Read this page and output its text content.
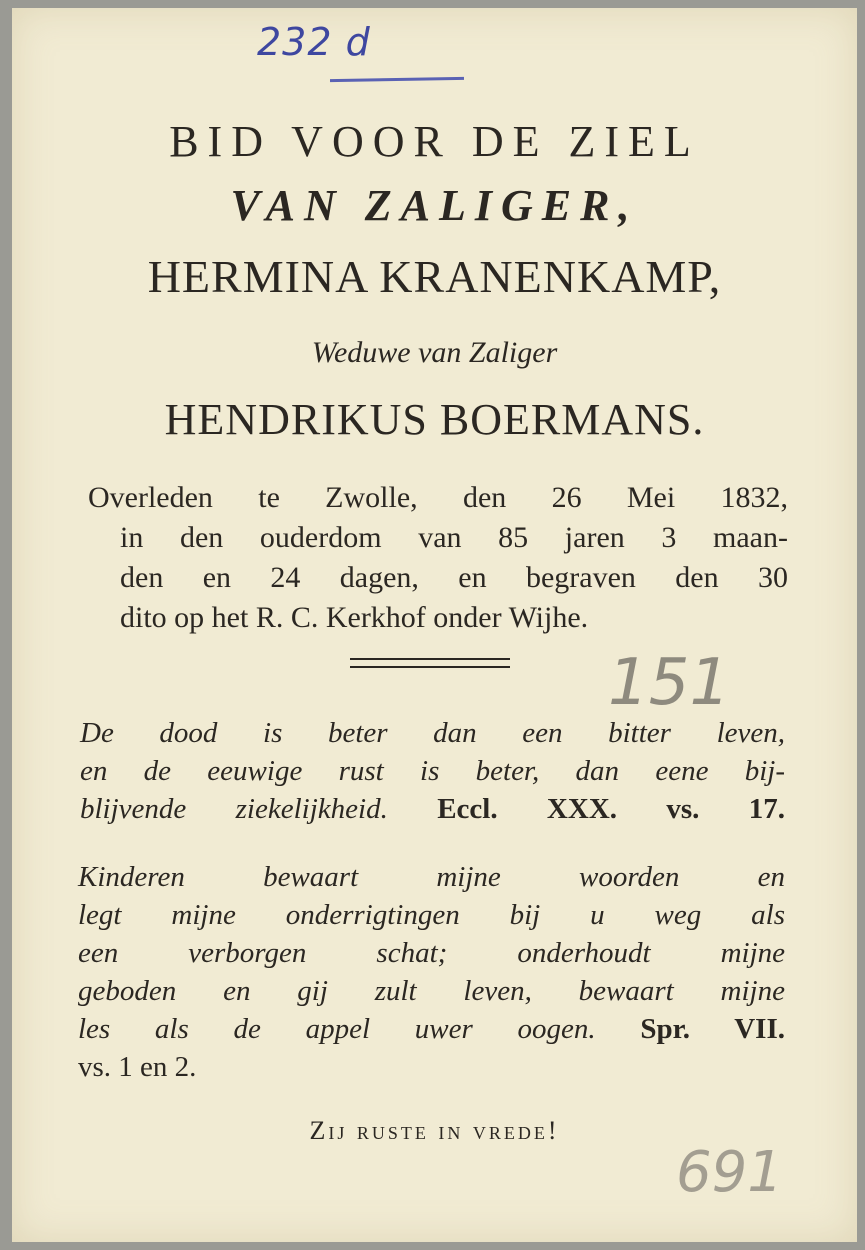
232 d
BID VOOR DE ZIEL
VAN ZALIGER,
HERMINA KRANENKAMP,
Weduwe van Zaliger
HENDRIKUS BOERMANS.
Overleden te Zwolle, den 26 Mei 1832,
in den ouderdom van 85 jaren 3 maan-
den en 24 dagen, en begraven den 30
dito op het R. C. Kerkhof onder Wijhe.
151
De dood is beter dan een bitter leven,
en de eeuwige rust is beter, dan eene bij-
blijvende ziekelijkheid. Eccl. XXX. vs. 17.
Kinderen bewaart mijne woorden en
legt mijne onderrigtingen bij u weg als
een verborgen schat; onderhoudt mijne
geboden en gij zult leven, bewaart mijne
les als de appel uwer oogen. Spr. VII.
vs. 1 en 2.
Zij ruste in vrede!
691
